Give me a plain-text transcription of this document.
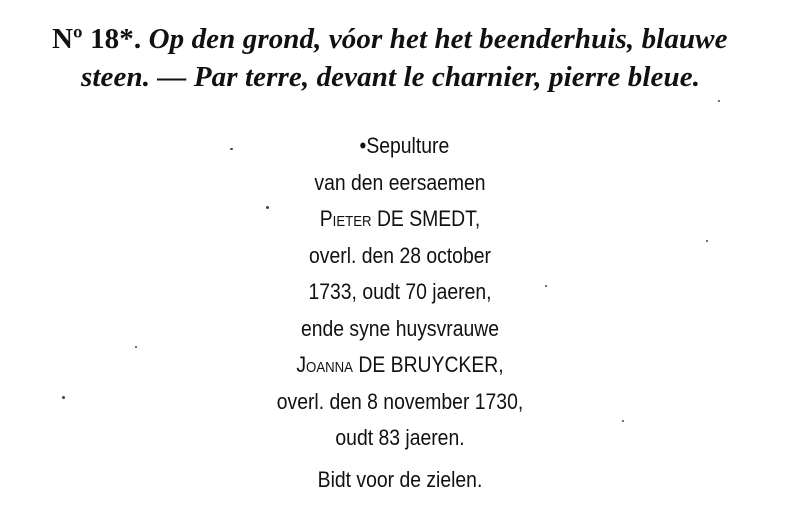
Nº 18*. Op den grond, vóor het het beenderhuis, blauwe
steen. — Par terre, devant le charnier, pierre bleue.
•Sepulture
van den eersaemen
Pieter DE SMEDT,
overl. den 28 october
1733, oudt 70 jaeren,
ende syne huysvrauwe
Joanna DE BRUYCKER,
overl. den 8 november 1730,
oudt 83 jaeren.
Bidt voor de zielen.
